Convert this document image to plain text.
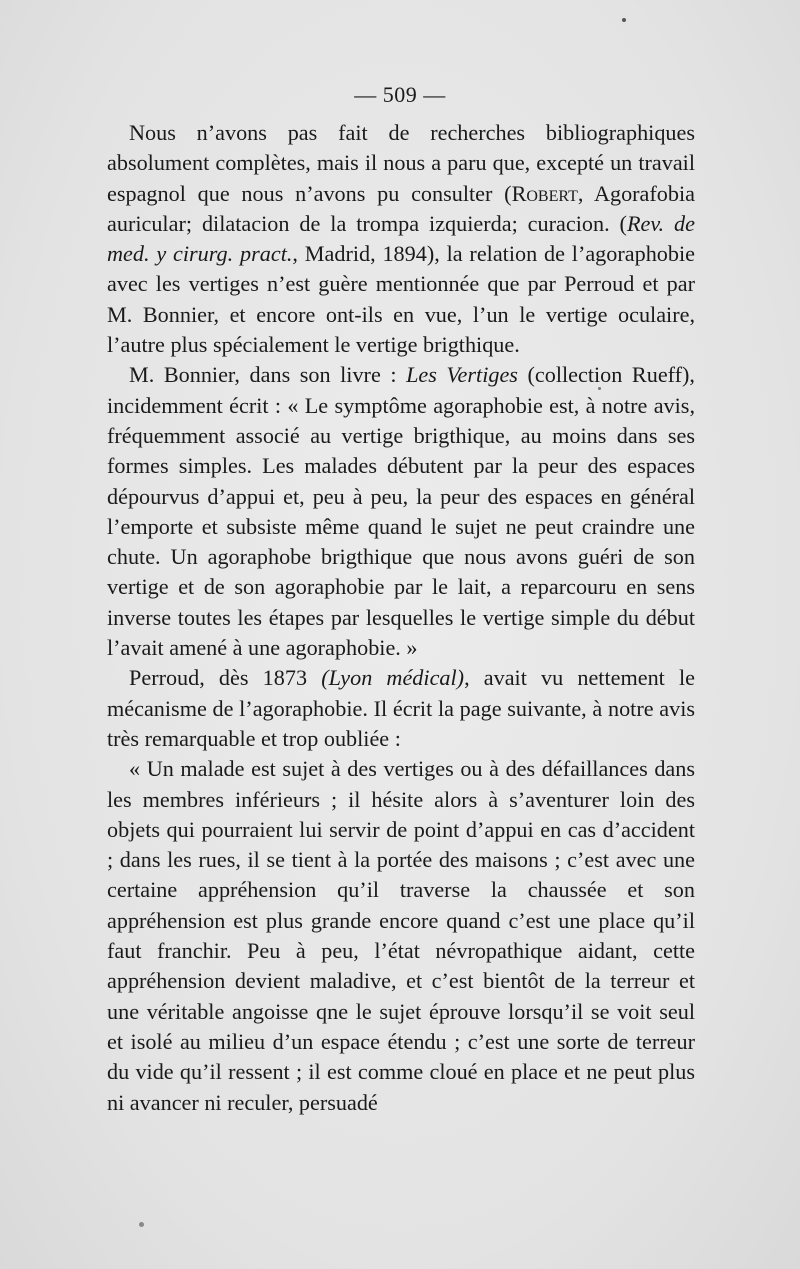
— 509 —

Nous n’avons pas fait de recherches bibliographiques absolument complètes, mais il nous a paru que, excepté un travail espagnol que nous n’avons pu consulter (Robert, Agorafobia auricular; dilatacion de la trompa izquierda; curacion. (Rev. de med. y cirurg. pract., Madrid, 1894), la relation de l’agoraphobie avec les vertiges n’est guère mentionnée que par Perroud et par M. Bonnier, et encore ont-ils en vue, l’un le vertige oculaire, l’autre plus spécialement le vertige brigthique.

M. Bonnier, dans son livre : Les Vertiges (collection Rueff), incidemment écrit : « Le symptôme agoraphobie est, à notre avis, fréquemment associé au vertige brigthique, au moins dans ses formes simples. Les malades débutent par la peur des espaces dépourvus d’appui et, peu à peu, la peur des espaces en général l’emporte et subsiste même quand le sujet ne peut craindre une chute. Un agoraphobe brigthique que nous avons guéri de son vertige et de son agoraphobie par le lait, a reparcouru en sens inverse toutes les étapes par lesquelles le vertige simple du début l’avait amené à une agoraphobie. »

Perroud, dès 1873 (Lyon médical), avait vu nettement le mécanisme de l’agoraphobie. Il écrit la page suivante, à notre avis très remarquable et trop oubliée :

« Un malade est sujet à des vertiges ou à des défaillances dans les membres inférieurs ; il hésite alors à s’aventurer loin des objets qui pourraient lui servir de point d’appui en cas d’accident ; dans les rues, il se tient à la portée des maisons ; c’est avec une certaine appréhension qu’il traverse la chaussée et son appréhension est plus grande encore quand c’est une place qu’il faut franchir. Peu à peu, l’état névropathique aidant, cette appréhension devient maladive, et c’est bientôt de la terreur et une véritable angoisse qne le sujet éprouve lorsqu’il se voit seul et isolé au milieu d’un espace étendu ; c’est une sorte de terreur du vide qu’il ressent ; il est comme cloué en place et ne peut plus ni avancer ni reculer, persuadé
